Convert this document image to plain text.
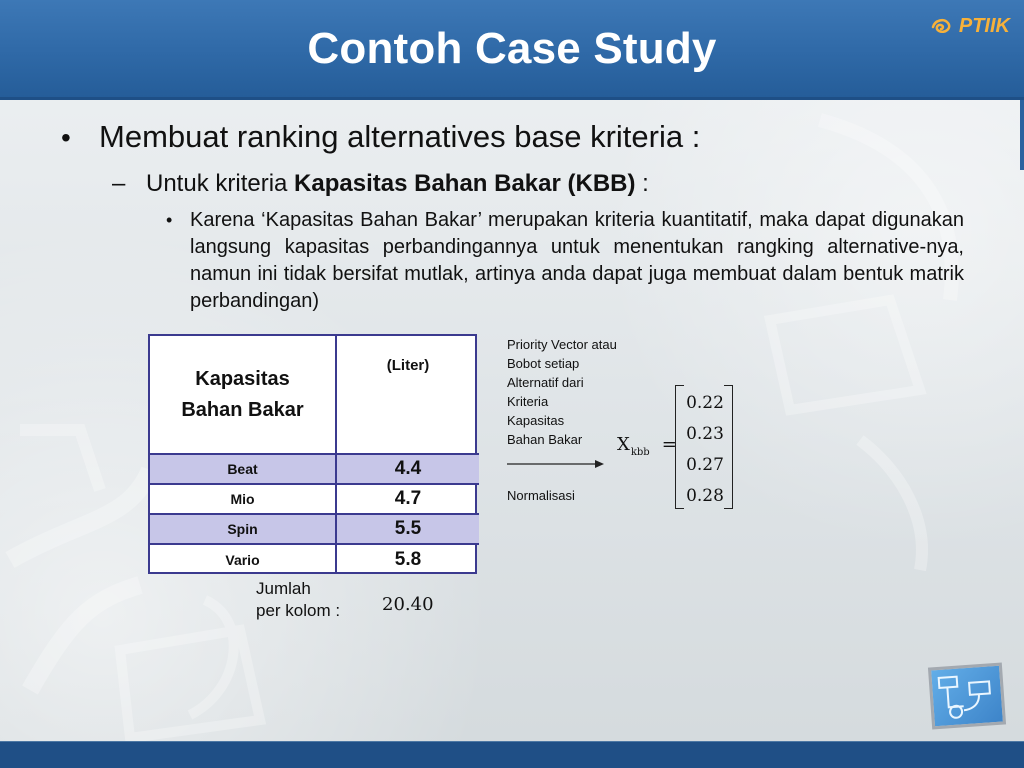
Contoh Case Study	PTIIK
• Membuat ranking alternatives base kriteria :
– Untuk kriteria Kapasitas Bahan Bakar (KBB) :
• Karena ‘Kapasitas Bahan Bakar’ merupakan kriteria kuantitatif, maka dapat digunakan langsung kapasitas perbandingannya untuk menentukan rangking alternative-nya, namun ini tidak bersifat mutlak, artinya anda dapat juga membuat dalam bentuk matrik perbandingan)
Kapasitas
Bahan Bakar	(Liter)

Beat	4.4
Mio	4.7
Spin	5.5
Vario	5.8
Jumlah
per kolom : 20.40
Priority Vector atau
Bobot setiap
Alternatif dari
Kriteria
Kapasitas
Bahan Bakar
Normalisasi
$X_{kbb}$ =
0.22
0.23
0.27
0.28
